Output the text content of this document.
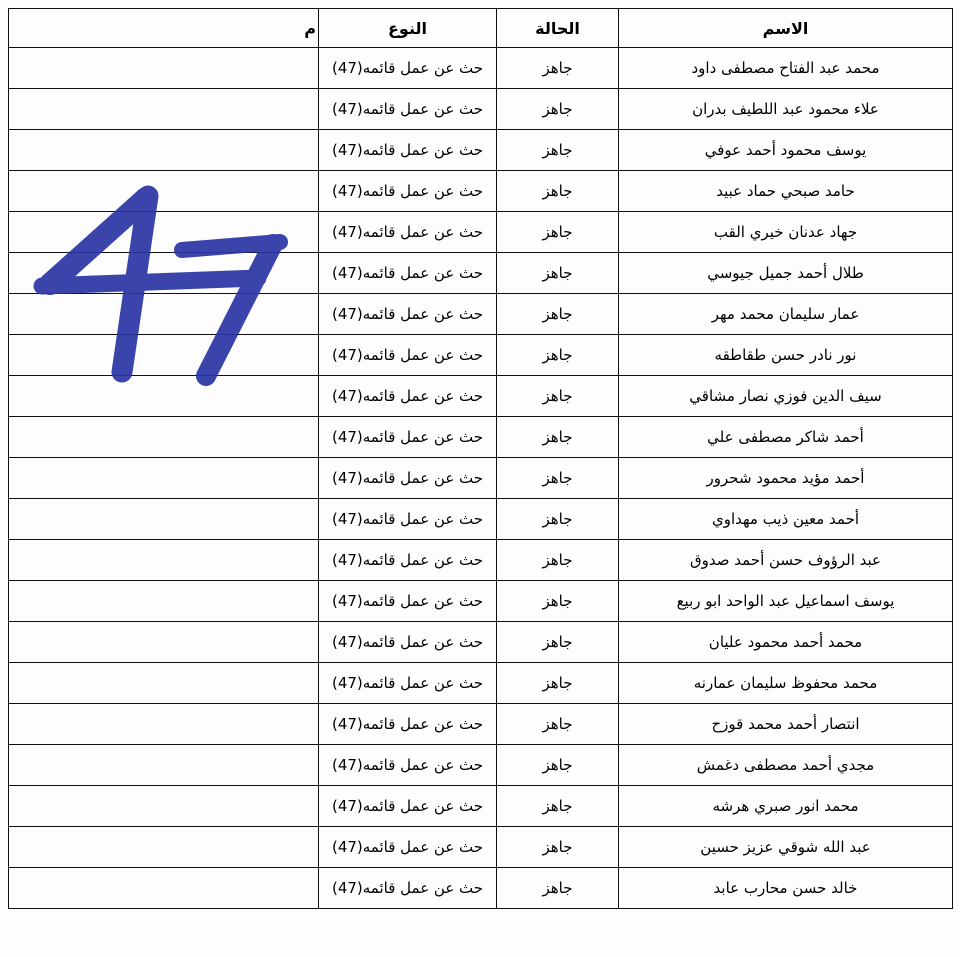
الاسم	الحالة	النوع	م
محمد عبد الفتاح مصطفى داود	جاهز	حث عن عمل قائمه(47)	
علاء محمود عبد اللطيف بدران	جاهز	حث عن عمل قائمه(47)	
يوسف محمود أحمد عوفي	جاهز	حث عن عمل قائمه(47)	
حامد صبحي حماد عبيد	جاهز	حث عن عمل قائمه(47)	
جهاد عدنان خيري القب	جاهز	حث عن عمل قائمه(47)	
طلال أحمد جميل جيوسي	جاهز	حث عن عمل قائمه(47)	
عمار سليمان محمد مهر	جاهز	حث عن عمل قائمه(47)	
نور نادر حسن طقاطقه	جاهز	حث عن عمل قائمه(47)	
سيف الدين فوزي نصار مشاقي	جاهز	حث عن عمل قائمه(47)	
أحمد شاكر مصطفى علي	جاهز	حث عن عمل قائمه(47)	
أحمد مؤيد محمود شحرور	جاهز	حث عن عمل قائمه(47)	
أحمد معين ذيب مهداوي	جاهز	حث عن عمل قائمه(47)	
عبد الرؤوف حسن أحمد صدوق	جاهز	حث عن عمل قائمه(47)	
يوسف اسماعيل عبد الواحد ابو ربيع	جاهز	حث عن عمل قائمه(47)	
محمد أحمد محمود عليان	جاهز	حث عن عمل قائمه(47)	
محمد محفوظ سليمان عمارنه	جاهز	حث عن عمل قائمه(47)	
انتصار أحمد محمد قوزح	جاهز	حث عن عمل قائمه(47)	
مجدي أحمد مصطفى دغمش	جاهز	حث عن عمل قائمه(47)	
محمد انور صبري هرشه	جاهز	حث عن عمل قائمه(47)	
عبد الله شوقي عزيز حسين	جاهز	حث عن عمل قائمه(47)	
خالد حسن محارب عابد	جاهز	حث عن عمل قائمه(47)	
